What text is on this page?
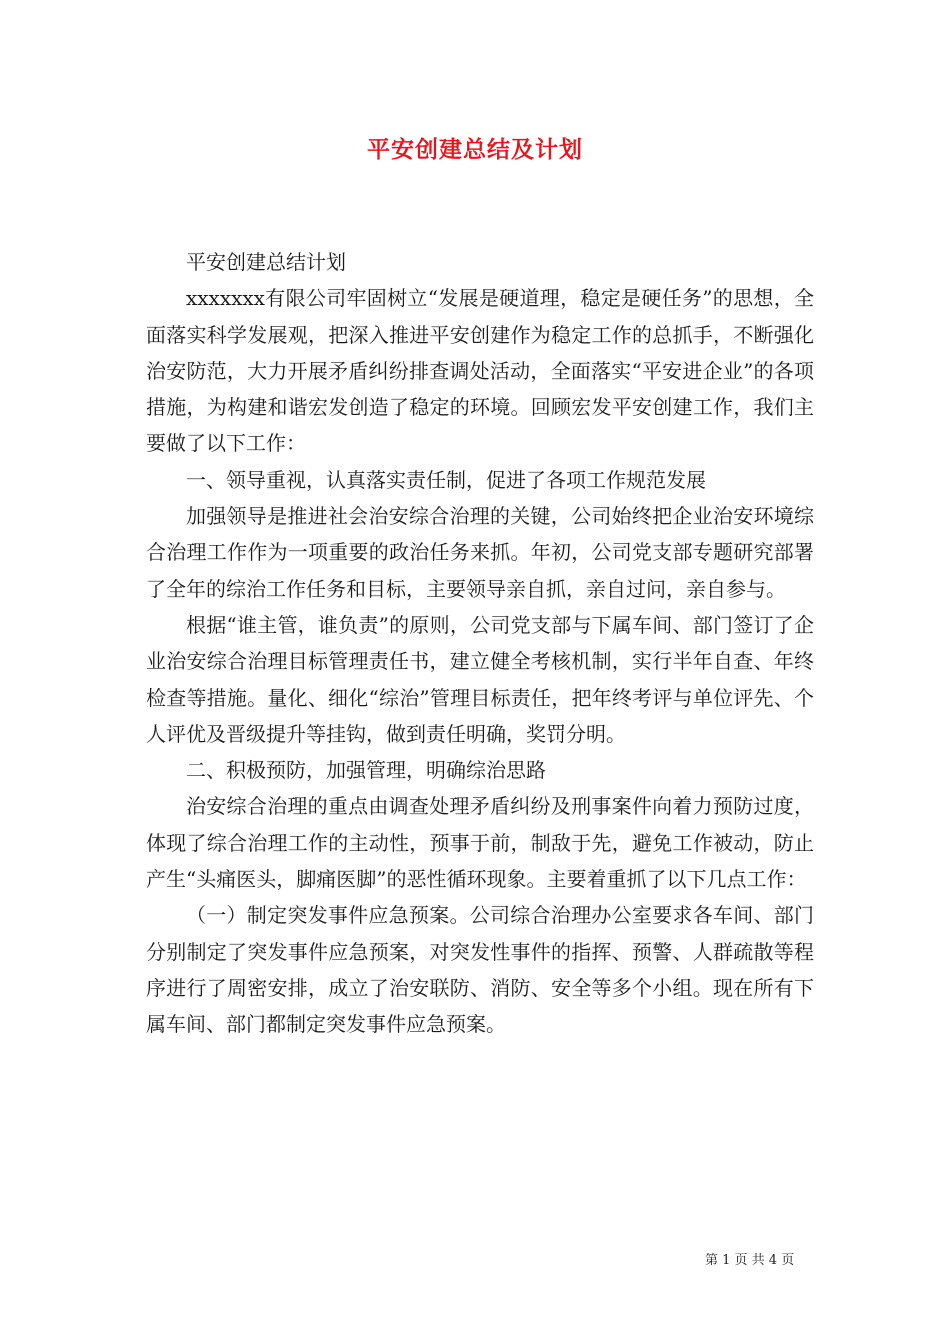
平安创建总结及计划

平安创建总结计划

xxxxxxx有限公司牢固树立“发展是硬道理，稳定是硬任务”的思想，全面落实科学发展观，把深入推进平安创建作为稳定工作的总抓手，不断强化治安防范，大力开展矛盾纠纷排查调处活动，全面落实“平安进企业”的各项措施，为构建和谐宏发创造了稳定的环境。回顾宏发平安创建工作，我们主要做了以下工作：

一、领导重视，认真落实责任制，促进了各项工作规范发展

加强领导是推进社会治安综合治理的关键，公司始终把企业治安环境综合治理工作作为一项重要的政治任务来抓。年初，公司党支部专题研究部署了全年的综治工作任务和目标，主要领导亲自抓，亲自过问，亲自参与。

根据“谁主管，谁负责”的原则，公司党支部与下属车间、部门签订了企业治安综合治理目标管理责任书，建立健全考核机制，实行半年自查、年终检查等措施。量化、细化“综治”管理目标责任，把年终考评与单位评先、个人评优及晋级提升等挂钩，做到责任明确，奖罚分明。

二、积极预防，加强管理，明确综治思路

治安综合治理的重点由调查处理矛盾纠纷及刑事案件向着力预防过度，体现了综合治理工作的主动性，预事于前，制敌于先，避免工作被动，防止产生“头痛医头，脚痛医脚”的恶性循环现象。主要着重抓了以下几点工作：

（一）制定突发事件应急预案。公司综合治理办公室要求各车间、部门分别制定了突发事件应急预案，对突发性事件的指挥、预警、人群疏散等程序进行了周密安排，成立了治安联防、消防、安全等多个小组。现在所有下属车间、部门都制定突发事件应急预案。

第 1 页 共 4 页
